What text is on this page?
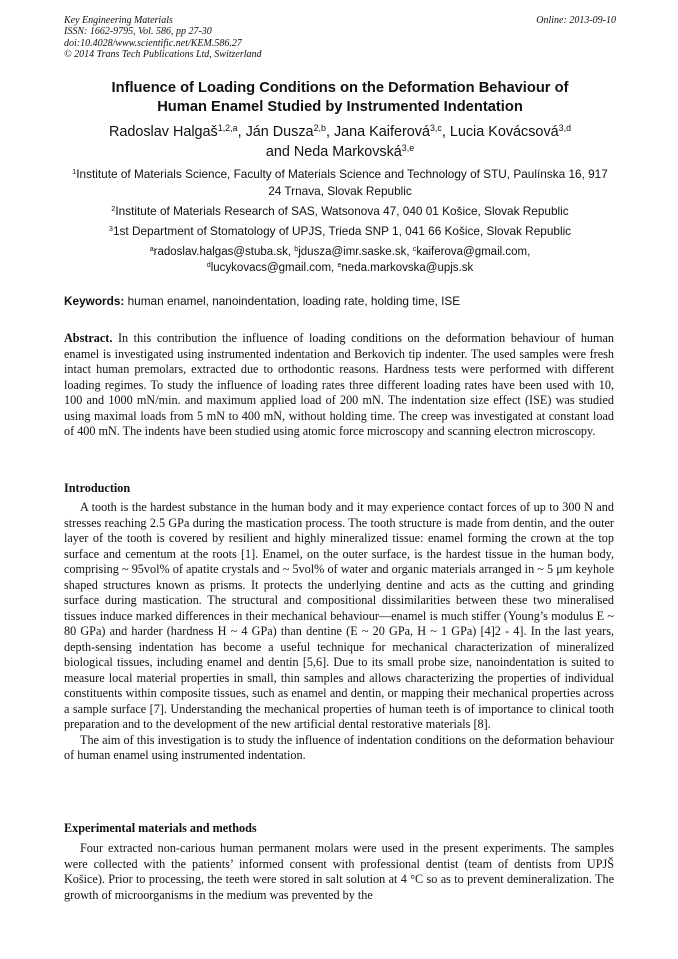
Key Engineering Materials
ISSN: 1662-9795, Vol. 586, pp 27-30
doi:10.4028/www.scientific.net/KEM.586.27
© 2014 Trans Tech Publications Ltd, Switzerland
Online: 2013-09-10
Influence of Loading Conditions on the Deformation Behaviour of
Human Enamel Studied by Instrumented Indentation
Radoslav Halgaš$^{1,2,a}$, Ján Dusza$^{2,b}$, Jana Kaiferová$^{3,c}$, Lucia Kovácsová$^{3,d}$
and Neda Markovská$^{3,e}$
$^1$Institute of Materials Science, Faculty of Materials Science and Technology of STU, Paulínska 16, 917 24 Trnava, Slovak Republic
$^2$Institute of Materials Research of SAS, Watsonova 47, 040 01 Košice, Slovak Republic
$^3$1st Department of Stomatology of UPJS, Trieda SNP 1, 041 66 Košice, Slovak Republic
$^a$radoslav.halgas@stuba.sk, $^b$jdusza@imr.saske.sk, $^c$kaiferova@gmail.com,
$^d$lucykovacs@gmail.com, $^e$neda.markovska@upjs.sk
Keywords: human enamel, nanoindentation, loading rate, holding time, ISE
Abstract. In this contribution the influence of loading conditions on the deformation behaviour of human enamel is investigated using instrumented indentation and Berkovich tip indenter. The used samples were fresh intact human premolars, extracted due to orthodontic reasons. Hardness tests were performed with different loading regimes. To study the influence of loading rates three different loading rates have been used with 10, 100 and 1000 mN/min. and maximum applied load of 200 mN. The indentation size effect (ISE) was studied using maximal loads from 5 mN to 400 mN, without holding time. The creep was investigated at constant load of 400 mN. The indents have been studied using atomic force microscopy and scanning electron microscopy.
Introduction

A tooth is the hardest substance in the human body and it may experience contact forces of up to 300 N and stresses reaching 2.5 GPa during the mastication process. The tooth structure is made from dentin, and the outer layer of the tooth is covered by resilient and highly mineralized tissue: enamel forming the crown at the top surface and cementum at the roots [1]. Enamel, on the outer surface, is the hardest tissue in the human body, comprising ~ 95vol% of apatite crystals and ~ 5vol% of water and organic materials arranged in ~ 5 μm keyhole shaped structures known as prisms. It protects the underlying dentine and acts as the cutting and grinding surface during mastication. The structural and compositional dissimilarities between these two mineralised tissues induce marked differences in their mechanical behaviour—enamel is much stiffer (Young’s modulus E ~ 80 GPa) and harder (hardness H ~ 4 GPa) than dentine (E ~ 20 GPa, H ~ 1 GPa) [4]2 - 4]. In the last years, depth-sensing indentation has become a useful technique for mechanical characterization of mineralized biological tissues, including enamel and dentin [5,6]. Due to its small probe size, nanoindentation is suited to measure local material properties in small, thin samples and allows characterizing the properties of individual constituents within composite tissues, such as enamel and dentin, or mapping their mechanical properties across a sample surface [7]. Understanding the mechanical properties of human teeth is of importance to clinical tooth preparation and to the development of the new artificial dental restorative materials [8].

The aim of this investigation is to study the influence of indentation conditions on the deformation behaviour of human enamel using instrumented indentation.

Experimental materials and methods

Four extracted non-carious human permanent molars were used in the present experiments. The samples were collected with the patients’ informed consent with professional dentist (team of dentists from UPJŠ Košice). Prior to processing, the teeth were stored in salt solution at 4 °C so as to prevent demineralization. The growth of microorganisms in the medium was prevented by the
